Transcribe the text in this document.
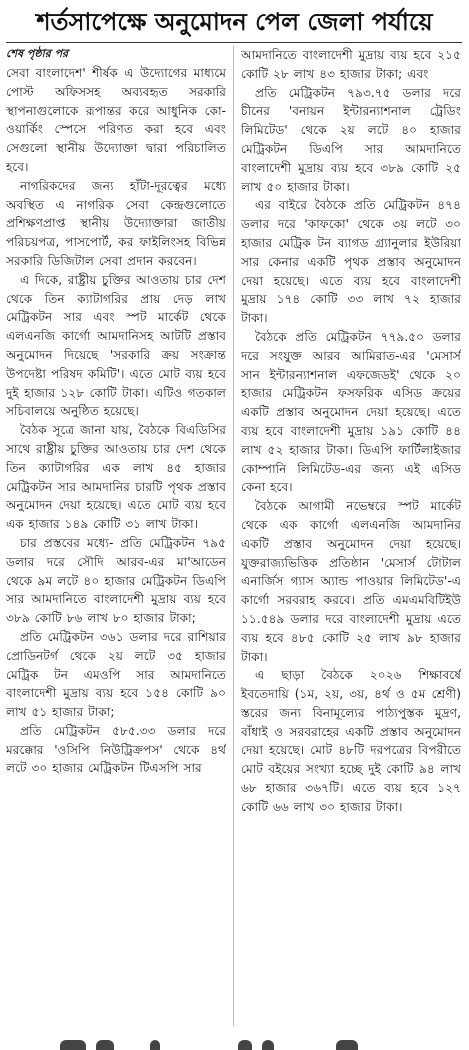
শর্তসাপেক্ষে অনুমোদন পেল জেলা পর্যায়ে
শেষ পৃষ্ঠার পর

সেবা বাংলাদেশ' শীর্ষক এ উদ্যোগের মাধ্যমে পোস্ট অফিসসহ অব্যবহৃত সরকারি স্থাপনাগুলোকে রূপান্তর করে আধুনিক কো-ওয়ার্কিং স্পেসে পরিণত করা হবে এবং সেগুলো স্থানীয় উদ্যোক্তা দ্বারা পরিচালিত হবে।

নাগরিকদের জন্য হাঁটা-দূরত্বের মধ্যে অবস্থিত এ নাগরিক সেবা কেন্দ্রগুলোতে প্রশিক্ষণপ্রাপ্ত স্থানীয় উদ্যোক্তারা জাতীয় পরিচয়পত্র, পাসপোর্ট, কর ফাইলিংসহ বিভিন্ন সরকারি ডিজিটাল সেবা প্রদান করবেন।

এ দিকে, রাষ্ট্রীয় চুক্তির আওতায় চার দেশ থেকে তিন ক্যাটাগরির প্রায় দেড় লাখ মেট্রিকটন সার এবং স্পট মার্কেট থেকে এলএনজি কার্গো আমদানিসহ আটটি প্রস্তাব অনুমোদন দিয়েছে 'সরকারি ক্রয় সংক্রান্ত উপদেষ্টা পরিষদ কমিটি'। এতে মোট ব্যয় হবে দুই হাজার ১২৮ কোটি টাকা। এটিও গতকাল সচিবালয়ে অনুষ্ঠিত হয়েছে।

বৈঠক সূত্রে জানা যায়, বৈঠকে বিএডিসির সাথে রাষ্ট্রীয় চুক্তির আওতায় চার দেশ থেকে তিন ক্যাটাগরির এক লাখ ৪৫ হাজার মেট্রিকটন সার আমদানির চারটি পৃথক প্রস্তাব অনুমোদন দেয়া হয়েছে। এতে মোট ব্যয় হবে এক হাজার ১৪৯ কোটি ৩১ লাখ টাকা।

চার প্রস্তবের মধ্যে- প্রতি মেট্রিকটন ৭৯৫ ডলার দরে সৌদি আরব-এর মা'আডেন থেকে ৯ম লটে ৪০ হাজার মেট্রিকটন ডিএপি সার আমদানিতে বাংলাদেশী মুদ্রায় ব্যয় হবে ৩৮৯ কোটি ৮৬ লাখ ৮০ হাজার টাকা;

প্রতি মেট্রিকটন ৩৬১ ডলার দরে রাশিয়ার প্রোডিনটর্গ থেকে ২য় লটে ৩৫ হাজার মেট্রিক টন এমওপি সার আমদানিতে বাংলাদেশী মুদ্রায় ব্যয় হবে ১৫৪ কোটি ৯০ লাখ ৫১ হাজার টাকা;

প্রতি মেট্রিকটন ৫৮৫.৩৩ ডলার দরে মরক্কোর 'ওসিপি নিউট্রিক্রপস' থেকে ৪র্থ লটে ৩০ হাজার মেট্রিকটন টিএসপি সার

আমদানিতে বাংলাদেশী মুদ্রায় ব্যয় হবে ২১৫ কোটি ২৮ লাখ ৪৩ হাজার টাকা; এবং

প্রতি মেট্রিকটন ৭৯৩.৭৫ ডলার দরে চীনের 'বনায়ন ইন্টারন্যাশনাল ট্রেডিং লিমিটেড' থেকে ২য় লটে ৪০ হাজার মেট্রিকটন ডিএপি সার আমদানিতে বাংলাদেশী মুদ্রায় ব্যয় হবে ৩৮৯ কোটি ২৫ লাখ ৫০ হাজার টাকা।

এর বাইরে বৈঠকে প্রতি মেট্রিকটন ৪৭৪ ডলার দরে 'কাফকো' থেকে ৩য় লটে ৩০ হাজার মেট্রিক টন ব্যাগড গ্র্যানুলার ইউরিয়া সার কেনার একটি পৃথক প্রস্তাব অনুমোদন দেয়া হয়েছে। এতে ব্যয় হবে বাংলাদেশী মুদ্রায় ১৭৪ কোটি ৩৩ লাখ ৭২ হাজার টাকা।

বৈঠকে প্রতি মেট্রিকটন ৭৭৯.৫০ ডলার দরে সংযুক্ত আরব আমিরাত-এর 'মেসার্স সান ইন্টারন্যাশনাল এফজেডই' থেকে ২০ হাজার মেট্রিকটন ফসফরিক এসিড ক্রয়ের একটি প্রস্তাব অনুমোদন দেয়া হয়েছে। এতে ব্যয় হবে বাংলাদেশী মুদ্রায় ১৯১ কোটি ৪৪ লাখ ৫২ হাজার টাকা। ডিএপি ফার্টিলাইজার কোম্পানি লিমিটেড-এর জন্য এই এসিড কেনা হবে।

বৈঠকে আগামী নভেম্বরে স্পট মার্কেট থেকে এক কার্গো এলএনজি আমদানির একটি প্রস্তাব অনুমোদন দেয়া হয়েছে। যুক্তরাজ্যভিত্তিক প্রতিষ্ঠান 'মেসার্স টোটাল এনার্জিস গ্যাস অ্যান্ড পাওয়ার লিমিটেড'-এ কার্গো সরবরাহ করবে। প্রতি এমএমবিটিইউ ১১.৫৪৯ ডলার দরে বাংলাদেশী মুদ্রায় এতে ব্যয় হবে ৪৮৫ কোটি ২৫ লাখ ৯৮ হাজার টাকা।

এ ছাড়া বৈঠকে ২০২৬ শিক্ষাবর্ষে ইবতেদায়ি (১ম, ২য়, ৩য়, ৪র্থ ও ৫ম শ্রেণী) স্তরের জন্য বিনামূল্যের পাঠ্যপুস্তক মুদ্রণ, বাঁধাই ও সরবরাহের একটি প্রস্তাব অনুমোদন দেয়া হয়েছে। মোট ৪৮টি দরপত্রের বিপরীতে মোট বইয়ের সংখ্যা হচ্ছে দুই কোটি ৯৪ লাখ ৬৮ হাজার ৩৬৭টি। এতে ব্যয় হবে ১২৭ কোটি ৬৬ লাখ ৩০ হাজার টাকা।
